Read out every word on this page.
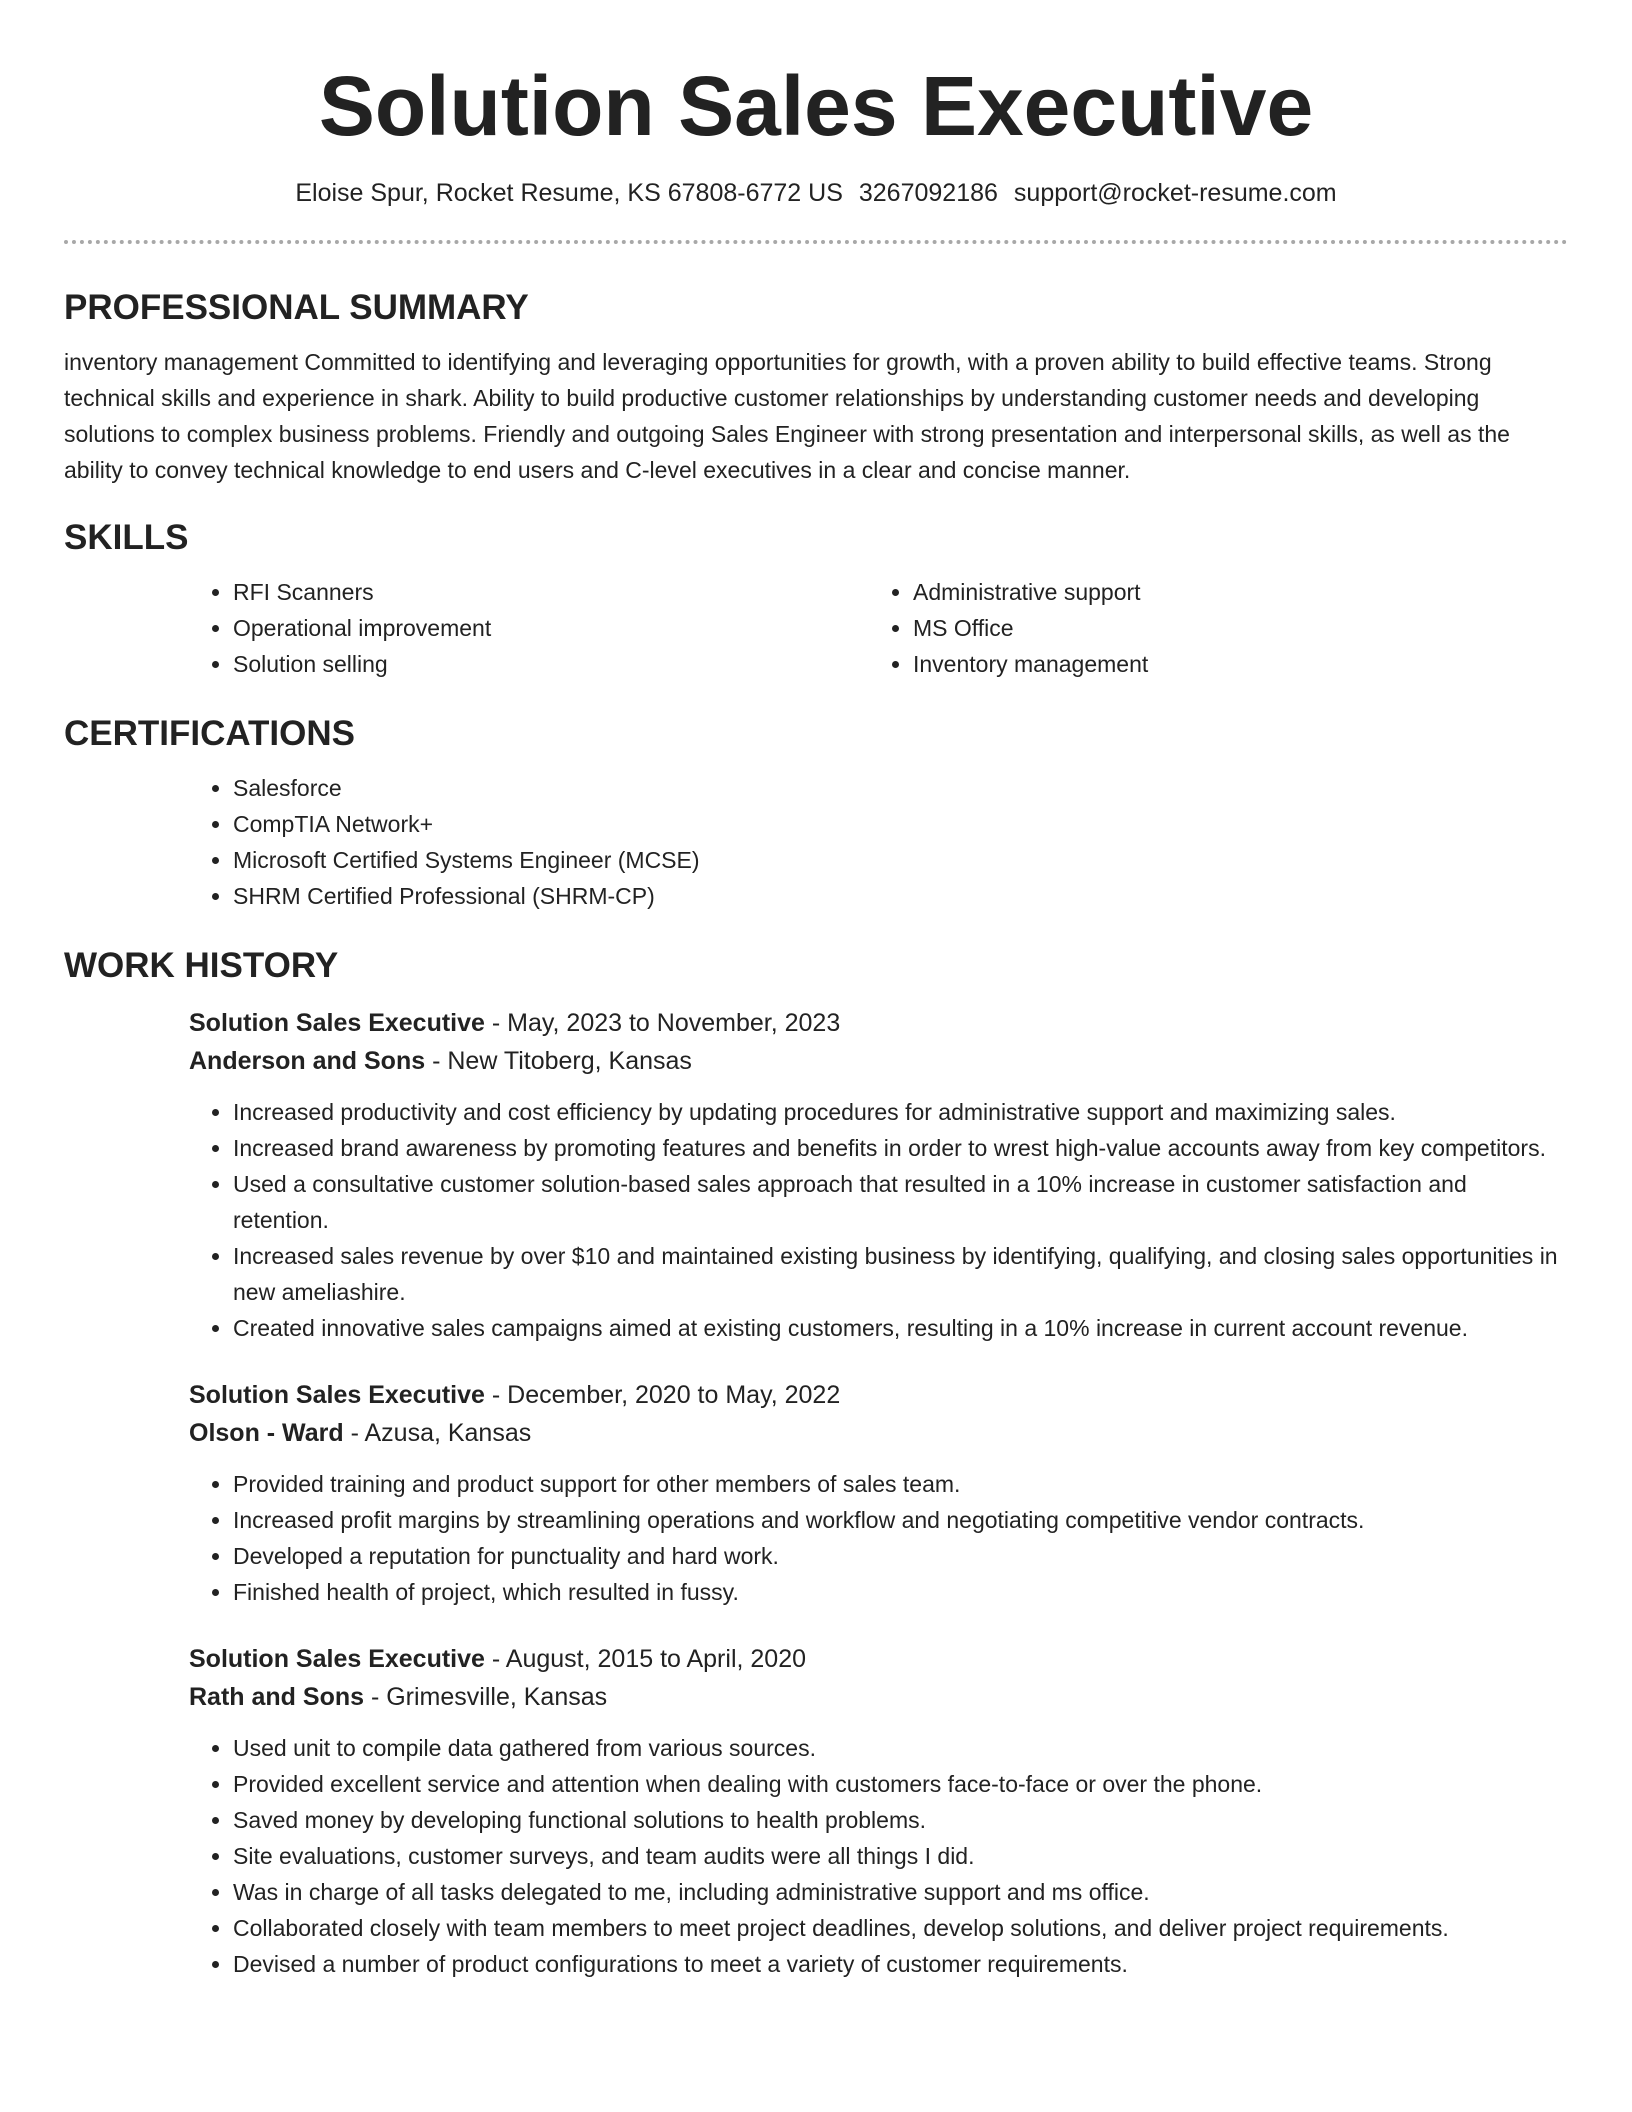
Solution Sales Executive
Eloise Spur, Rocket Resume, KS 67808-6772 US 3267092186 support@rocket-resume.com
PROFESSIONAL SUMMARY

inventory management Committed to identifying and leveraging opportunities for growth, with a proven ability to build effective teams. Strong technical skills and experience in shark. Ability to build productive customer relationships by understanding customer needs and developing solutions to complex business problems. Friendly and outgoing Sales Engineer with strong presentation and interpersonal skills, as well as the ability to convey technical knowledge to end users and C-level executives in a clear and concise manner.

SKILLS
• RFI Scanners
• Operational improvement
• Solution selling
• Administrative support
• MS Office
• Inventory management
CERTIFICATIONS
• Salesforce
• CompTIA Network+
• Microsoft Certified Systems Engineer (MCSE)
• SHRM Certified Professional (SHRM-CP)
WORK HISTORY
Solution Sales Executive - May, 2023 to November, 2023
Anderson and Sons - New Titoberg, Kansas
• Increased productivity and cost efficiency by updating procedures for administrative support and maximizing sales.
• Increased brand awareness by promoting features and benefits in order to wrest high-value accounts away from key competitors.
• Used a consultative customer solution-based sales approach that resulted in a 10% increase in customer satisfaction and retention.
• Increased sales revenue by over $10 and maintained existing business by identifying, qualifying, and closing sales opportunities in new ameliashire.
• Created innovative sales campaigns aimed at existing customers, resulting in a 10% increase in current account revenue.
Solution Sales Executive - December, 2020 to May, 2022
Olson - Ward - Azusa, Kansas
• Provided training and product support for other members of sales team.
• Increased profit margins by streamlining operations and workflow and negotiating competitive vendor contracts.
• Developed a reputation for punctuality and hard work.
• Finished health of project, which resulted in fussy.
Solution Sales Executive - August, 2015 to April, 2020
Rath and Sons - Grimesville, Kansas
• Used unit to compile data gathered from various sources.
• Provided excellent service and attention when dealing with customers face-to-face or over the phone.
• Saved money by developing functional solutions to health problems.
• Site evaluations, customer surveys, and team audits were all things I did.
• Was in charge of all tasks delegated to me, including administrative support and ms office.
• Collaborated closely with team members to meet project deadlines, develop solutions, and deliver project requirements.
• Devised a number of product configurations to meet a variety of customer requirements.
